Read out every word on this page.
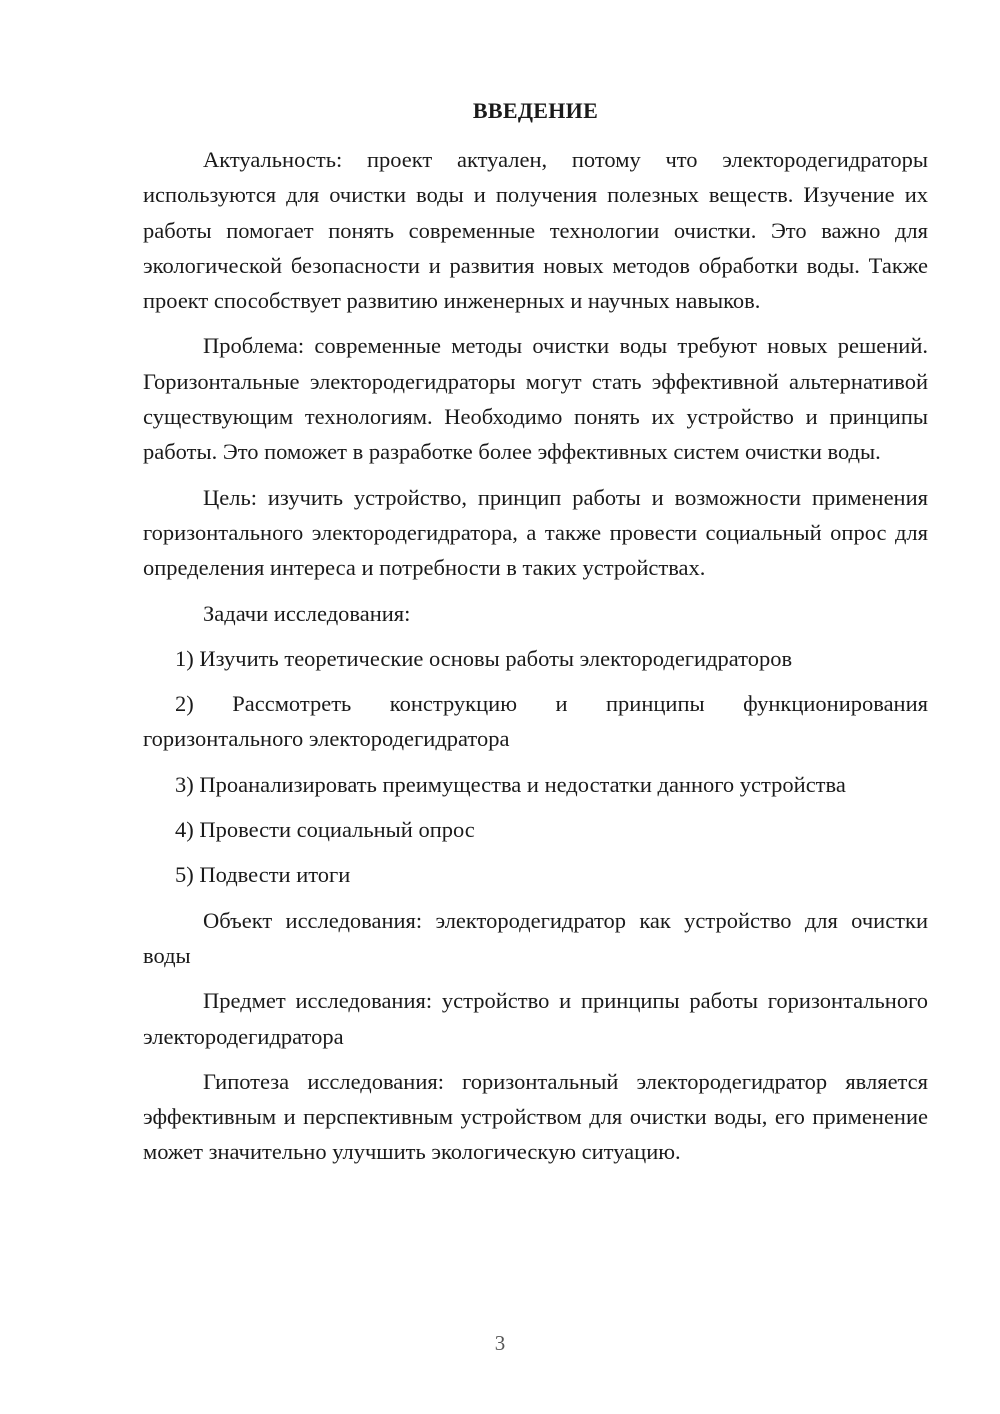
ВВЕДЕНИЕ

Актуальность: проект актуален, потому что электородегидраторы используются для очистки воды и получения полезных веществ. Изучение их работы помогает понять современные технологии очистки. Это важно для экологической безопасности и развития новых методов обработки воды. Также проект способствует развитию инженерных и научных навыков.

Проблема: современные методы очистки воды требуют новых решений. Горизонтальные электородегидраторы могут стать эффективной альтернативой существующим технологиям. Необходимо понять их устройство и принципы работы. Это поможет в разработке более эффективных систем очистки воды.

Цель: изучить устройство, принцип работы и возможности применения горизонтального электородегидратора, а также провести социальный опрос для определения интереса и потребности в таких устройствах.

Задачи исследования:

1) Изучить теоретические основы работы электородегидраторов

2) Рассмотреть конструкцию и принципы функционирования горизонтального электородегидратора

3) Проанализировать преимущества и недостатки данного устройства

4) Провести социальный опрос

5) Подвести итоги

Объект исследования: электородегидратор как устройство для очистки воды

Предмет исследования: устройство и принципы работы горизонтального электородегидратора

Гипотеза исследования: горизонтальный электородегидратор является эффективным и перспективным устройством для очистки воды, его применение может значительно улучшить экологическую ситуацию.

3
